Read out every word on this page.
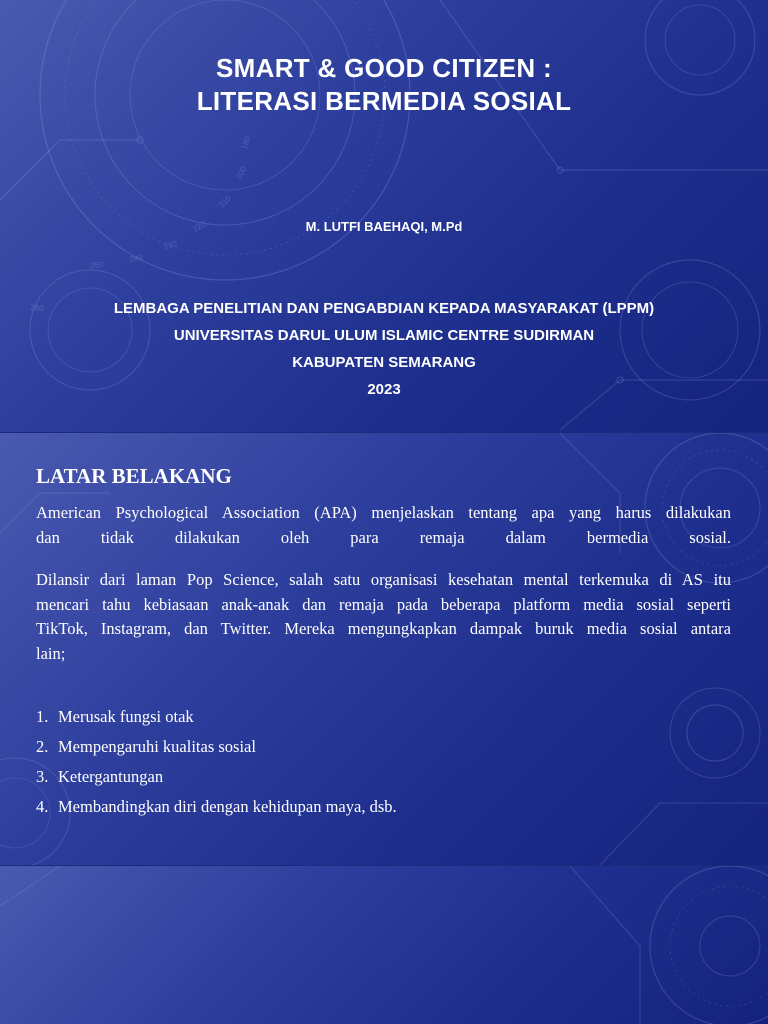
190
200
210
220
230
240
250
260
SMART & GOOD CITIZEN :
LITERASI BERMEDIA SOSIAL
M. LUTFI BAEHAQI, M.Pd
LEMBAGA PENELITIAN DAN PENGABDIAN KEPADA MASYARAKAT (LPPM)
UNIVERSITAS DARUL ULUM ISLAMIC CENTRE SUDIRMAN
KABUPATEN SEMARANG
2023
LATAR BELAKANG

American Psychological Association (APA) menjelaskan tentang apa yang harus dilakukan

dan tidak dilakukan oleh para remaja dalam bermedia sosial.

Dilansir dari laman Pop Science, salah satu organisasi kesehatan mental terkemuka di AS itu

mencari tahu kebiasaan anak-anak dan remaja pada beberapa platform media sosial seperti

TikTok, Instagram, dan Twitter. Mereka mengungkapkan dampak buruk media sosial antara

lain;

1. Merusak fungsi otak
2. Mempengaruhi kualitas sosial
3. Ketergantungan
4. Membandingkan diri dengan kehidupan maya, dsb.
